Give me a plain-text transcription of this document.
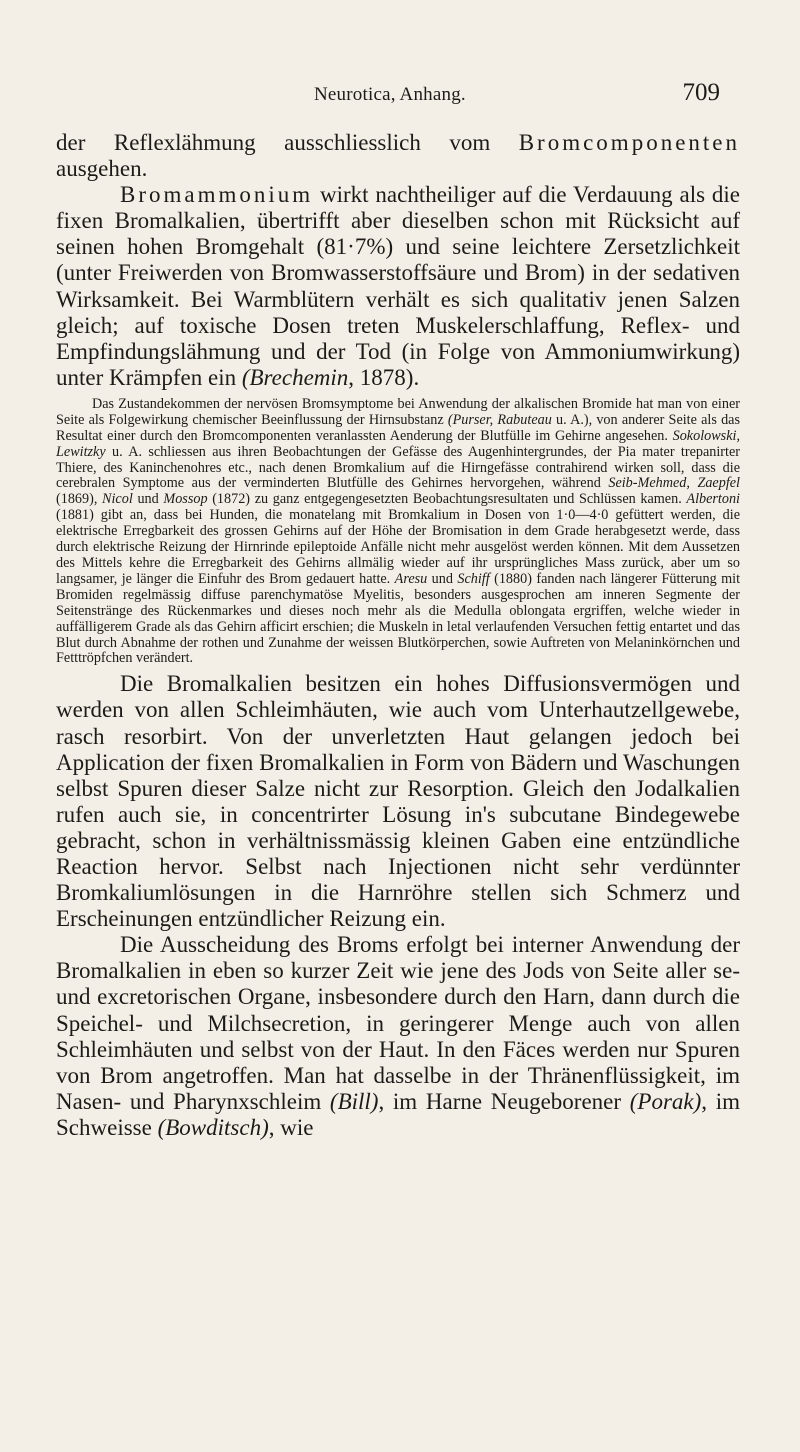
Neurotica, Anhang.	709

der Reflexlähmung ausschliesslich vom Bromcomponenten ausgehen.

Bromammonium wirkt nachtheiliger auf die Verdauung als die fixen Bromalkalien, übertrifft aber dieselben schon mit Rücksicht auf seinen hohen Bromgehalt (81·7%) und seine leichtere Zersetzlichkeit (unter Freiwerden von Bromwasserstoffsäure und Brom) in der sedativen Wirksamkeit. Bei Warmblütern verhält es sich qualitativ jenen Salzen gleich; auf toxische Dosen treten Muskelerschlaffung, Reflex- und Empfindungslähmung und der Tod (in Folge von Ammoniumwirkung) unter Krämpfen ein (Brechemin, 1878).

Das Zustandekommen der nervösen Bromsymptome bei Anwendung der alkalischen Bromide hat man von einer Seite als Folgewirkung chemischer Beeinflussung der Hirnsubstanz (Purser, Rabuteau u. A.), von anderer Seite als das Resultat einer durch den Bromcomponenten veranlassten Aenderung der Blutfülle im Gehirne angesehen. Sokolowski, Lewitzky u. A. schliessen aus ihren Beobachtungen der Gefässe des Augenhintergrundes, der Pia mater trepanirter Thiere, des Kaninchenohres etc., nach denen Bromkalium auf die Hirngefässe contrahirend wirken soll, dass die cerebralen Symptome aus der verminderten Blutfülle des Gehirnes hervorgehen, während Seib-Mehmed, Zaepfel (1869), Nicol und Mossop (1872) zu ganz entgegengesetzten Beobachtungsresultaten und Schlüssen kamen. Albertoni (1881) gibt an, dass bei Hunden, die monatelang mit Bromkalium in Dosen von 1·0—4·0 gefüttert werden, die elektrische Erregbarkeit des grossen Gehirns auf der Höhe der Bromisation in dem Grade herabgesetzt werde, dass durch elektrische Reizung der Hirnrinde epileptoide Anfälle nicht mehr ausgelöst werden können. Mit dem Aussetzen des Mittels kehre die Erregbarkeit des Gehirns allmälig wieder auf ihr ursprüngliches Mass zurück, aber um so langsamer, je länger die Einfuhr des Brom gedauert hatte. Aresu und Schiff (1880) fanden nach längerer Fütterung mit Bromiden regelmässig diffuse parenchymatöse Myelitis, besonders ausgesprochen am inneren Segmente der Seitenstränge des Rückenmarkes und dieses noch mehr als die Medulla oblongata ergriffen, welche wieder in auffälligerem Grade als das Gehirn afficirt erschien; die Muskeln in letal verlaufenden Versuchen fettig entartet und das Blut durch Abnahme der rothen und Zunahme der weissen Blutkörperchen, sowie Auftreten von Melaninkörnchen und Fetttröpfchen verändert.

Die Bromalkalien besitzen ein hohes Diffusionsvermögen und werden von allen Schleimhäuten, wie auch vom Unterhautzellgewebe, rasch resorbirt. Von der unverletzten Haut gelangen jedoch bei Application der fixen Bromalkalien in Form von Bädern und Waschungen selbst Spuren dieser Salze nicht zur Resorption. Gleich den Jodalkalien rufen auch sie, in concentrirter Lösung in's subcutane Bindegewebe gebracht, schon in verhältnissmässig kleinen Gaben eine entzündliche Reaction hervor. Selbst nach Injectionen nicht sehr verdünnter Bromkaliumlösungen in die Harnröhre stellen sich Schmerz und Erscheinungen entzündlicher Reizung ein.

Die Ausscheidung des Broms erfolgt bei interner Anwendung der Bromalkalien in eben so kurzer Zeit wie jene des Jods von Seite aller se- und excretorischen Organe, insbesondere durch den Harn, dann durch die Speichel- und Milchsecretion, in geringerer Menge auch von allen Schleimhäuten und selbst von der Haut. In den Fäces werden nur Spuren von Brom angetroffen. Man hat dasselbe in der Thränenflüssigkeit, im Nasen- und Pharynxschleim (Bill), im Harne Neugeborener (Porak), im Schweisse (Bowditsch), wie
